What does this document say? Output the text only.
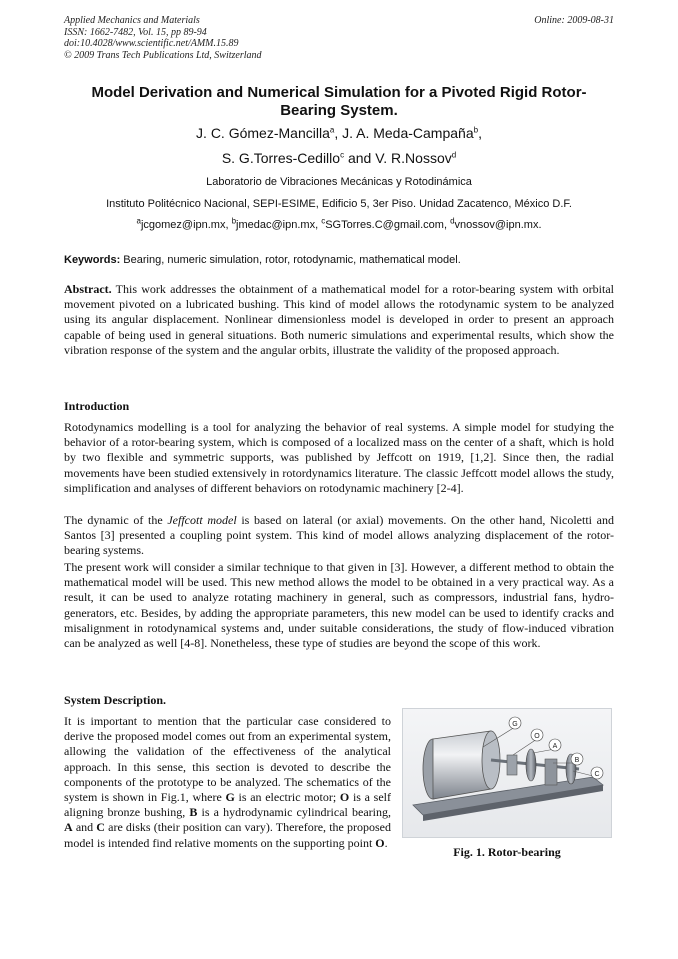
Applied Mechanics and Materials
ISSN: 1662-7482, Vol. 15, pp 89-94
doi:10.4028/www.scientific.net/AMM.15.89
© 2009 Trans Tech Publications Ltd, Switzerland
Online: 2009-08-31
Model Derivation and Numerical Simulation for a Pivoted Rigid Rotor-Bearing System.
J. C. Gómez-Mancilla$^a$, J. A. Meda-Campaña$^b$,
S. G.Torres-Cedillo$^c$ and V. R.Nossov$^d$
Laboratorio de Vibraciones Mecánicas y Rotodinámica
Instituto Politécnico Nacional, SEPI-ESIME, Edificio 5, 3er Piso. Unidad Zacatenco, México D.F.
$^a$jcgomez@ipn.mx, $^b$jmedac@ipn.mx, $^c$SGTorres.C@gmail.com, $^d$vnossov@ipn.mx.
Keywords: Bearing, numeric simulation, rotor, rotodynamic, mathematical model.
Abstract. This work addresses the obtainment of a mathematical model for a rotor-bearing system with orbital movement pivoted on a lubricated bushing. This kind of model allows the rotodynamic system to be analyzed using its angular displacement. Nonlinear dimensionless model is developed in order to present an approach capable of being used in general situations. Both numeric simulations and experimental results, which show the vibration response of the system and the angular orbits, illustrate the validity of the proposed approach.
Introduction
Rotodynamics modelling is a tool for analyzing the behavior of real systems. A simple model for studying the behavior of a rotor-bearing system, which is composed of a localized mass on the center of a shaft, which is hold by two flexible and symmetric supports, was published by Jeffcott on 1919, [1,2]. Since then, the radial movements have been studied extensively in rotordynamics literature. The classic Jeffcott model allows the study, simplification and analyses of different behaviors on rotodynamic machinery [2-4].
The dynamic of the Jeffcott model is based on lateral (or axial) movements. On the other hand, Nicoletti and Santos [3] presented a coupling point system. This kind of model allows analyzing displacement of the rotor-bearing systems.
The present work will consider a similar technique to that given in [3]. However, a different method to obtain the mathematical model will be used. This new method allows the model to be obtained in a very practical way. As a result, it can be used to analyze rotating machinery in general, such as compressors, industrial fans, hydro-generators, etc. Besides, by adding the appropriate parameters, this new model can be used to identify cracks and misalignment in rotodynamical systems and, under suitable considerations, the study of flow-induced vibration can be analyzed as well [4-8]. Nonetheless, these type of studies are beyond the scope of this work.
System Description.
It is important to mention that the particular case considered to derive the proposed model comes out from an experimental system, allowing the validation of the effectiveness of the analytical approach. In this sense, this section is devoted to describe the components of the prototype to be analyzed. The schematics of the system is shown in Fig.1, where G is an electric motor; O is a self aligning bronze bushing, B is a hydrodynamic cylindrical bearing, A and C are disks (their position can vary). Therefore, the proposed model is intended find relative moments on the supporting point O.
G
O
A
B
C
Fig. 1. Rotor-bearing
